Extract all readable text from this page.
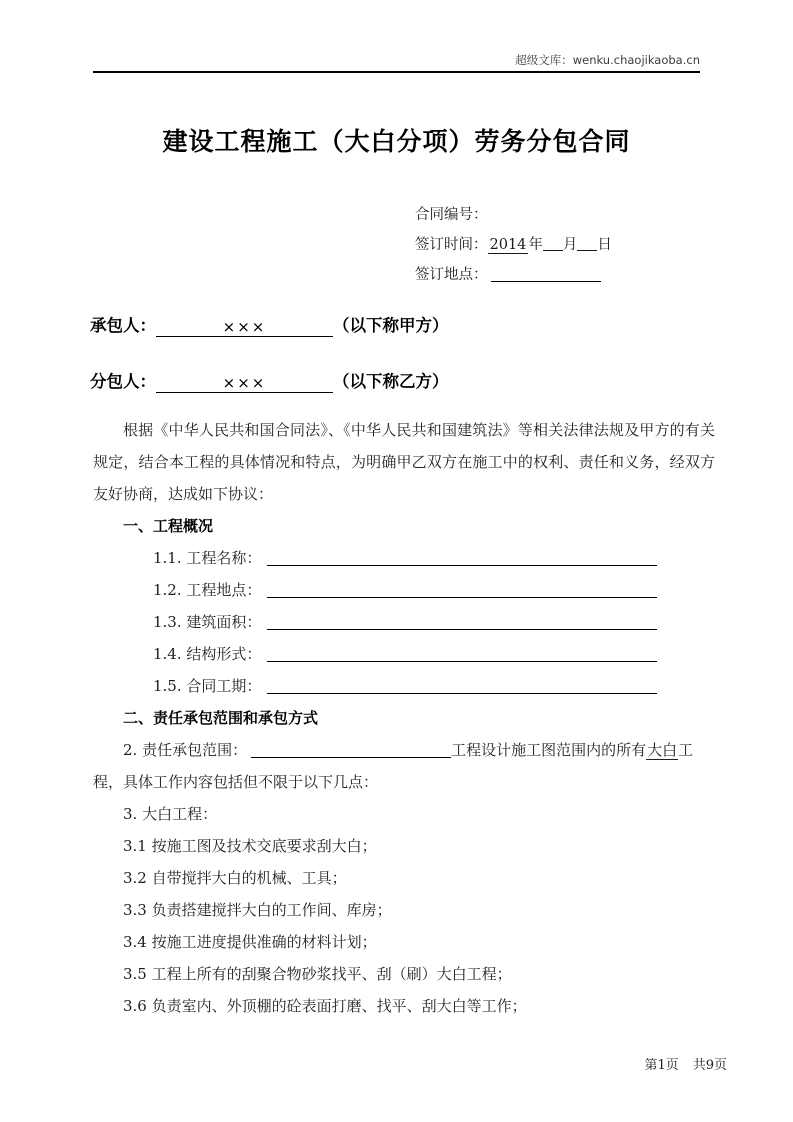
超级文库：wenku.chaojikaoba.cn
建设工程施工（大白分项）劳务分包合同
合同编号：
签订时间： 2014 年 月 日
签订地点：
承包人：	×××	（以下称甲方）
分包人：	×××	（以下称乙方）

根据《中华人民共和国合同法》、《中华人民共和国建筑法》等相关法律法规及甲方的有关规定，结合本工程的具体情况和特点，为明确甲乙双方在施工中的权利、责任和义务，经双方友好协商，达成如下协议：

一、工程概况

1.1. 工程名称：

1.2. 工程地点：

1.3. 建筑面积：

1.4. 结构形式：

1.5. 合同工期：

二、责任承包范围和承包方式

2. 责任承包范围：	工程设计施工图范围内的所有大白工程，具体工作内容包括但不限于以下几点：

3. 大白工程：

3.1 按施工图及技术交底要求刮大白；

3.2 自带搅拌大白的机械、工具；

3.3 负责搭建搅拌大白的工作间、库房；

3.4 按施工进度提供准确的材料计划；

3.5 工程上所有的刮聚合物砂浆找平、刮（刷）大白工程；

3.6 负责室内、外顶棚的砼表面打磨、找平、刮大白等工作；

第1页 共9页
